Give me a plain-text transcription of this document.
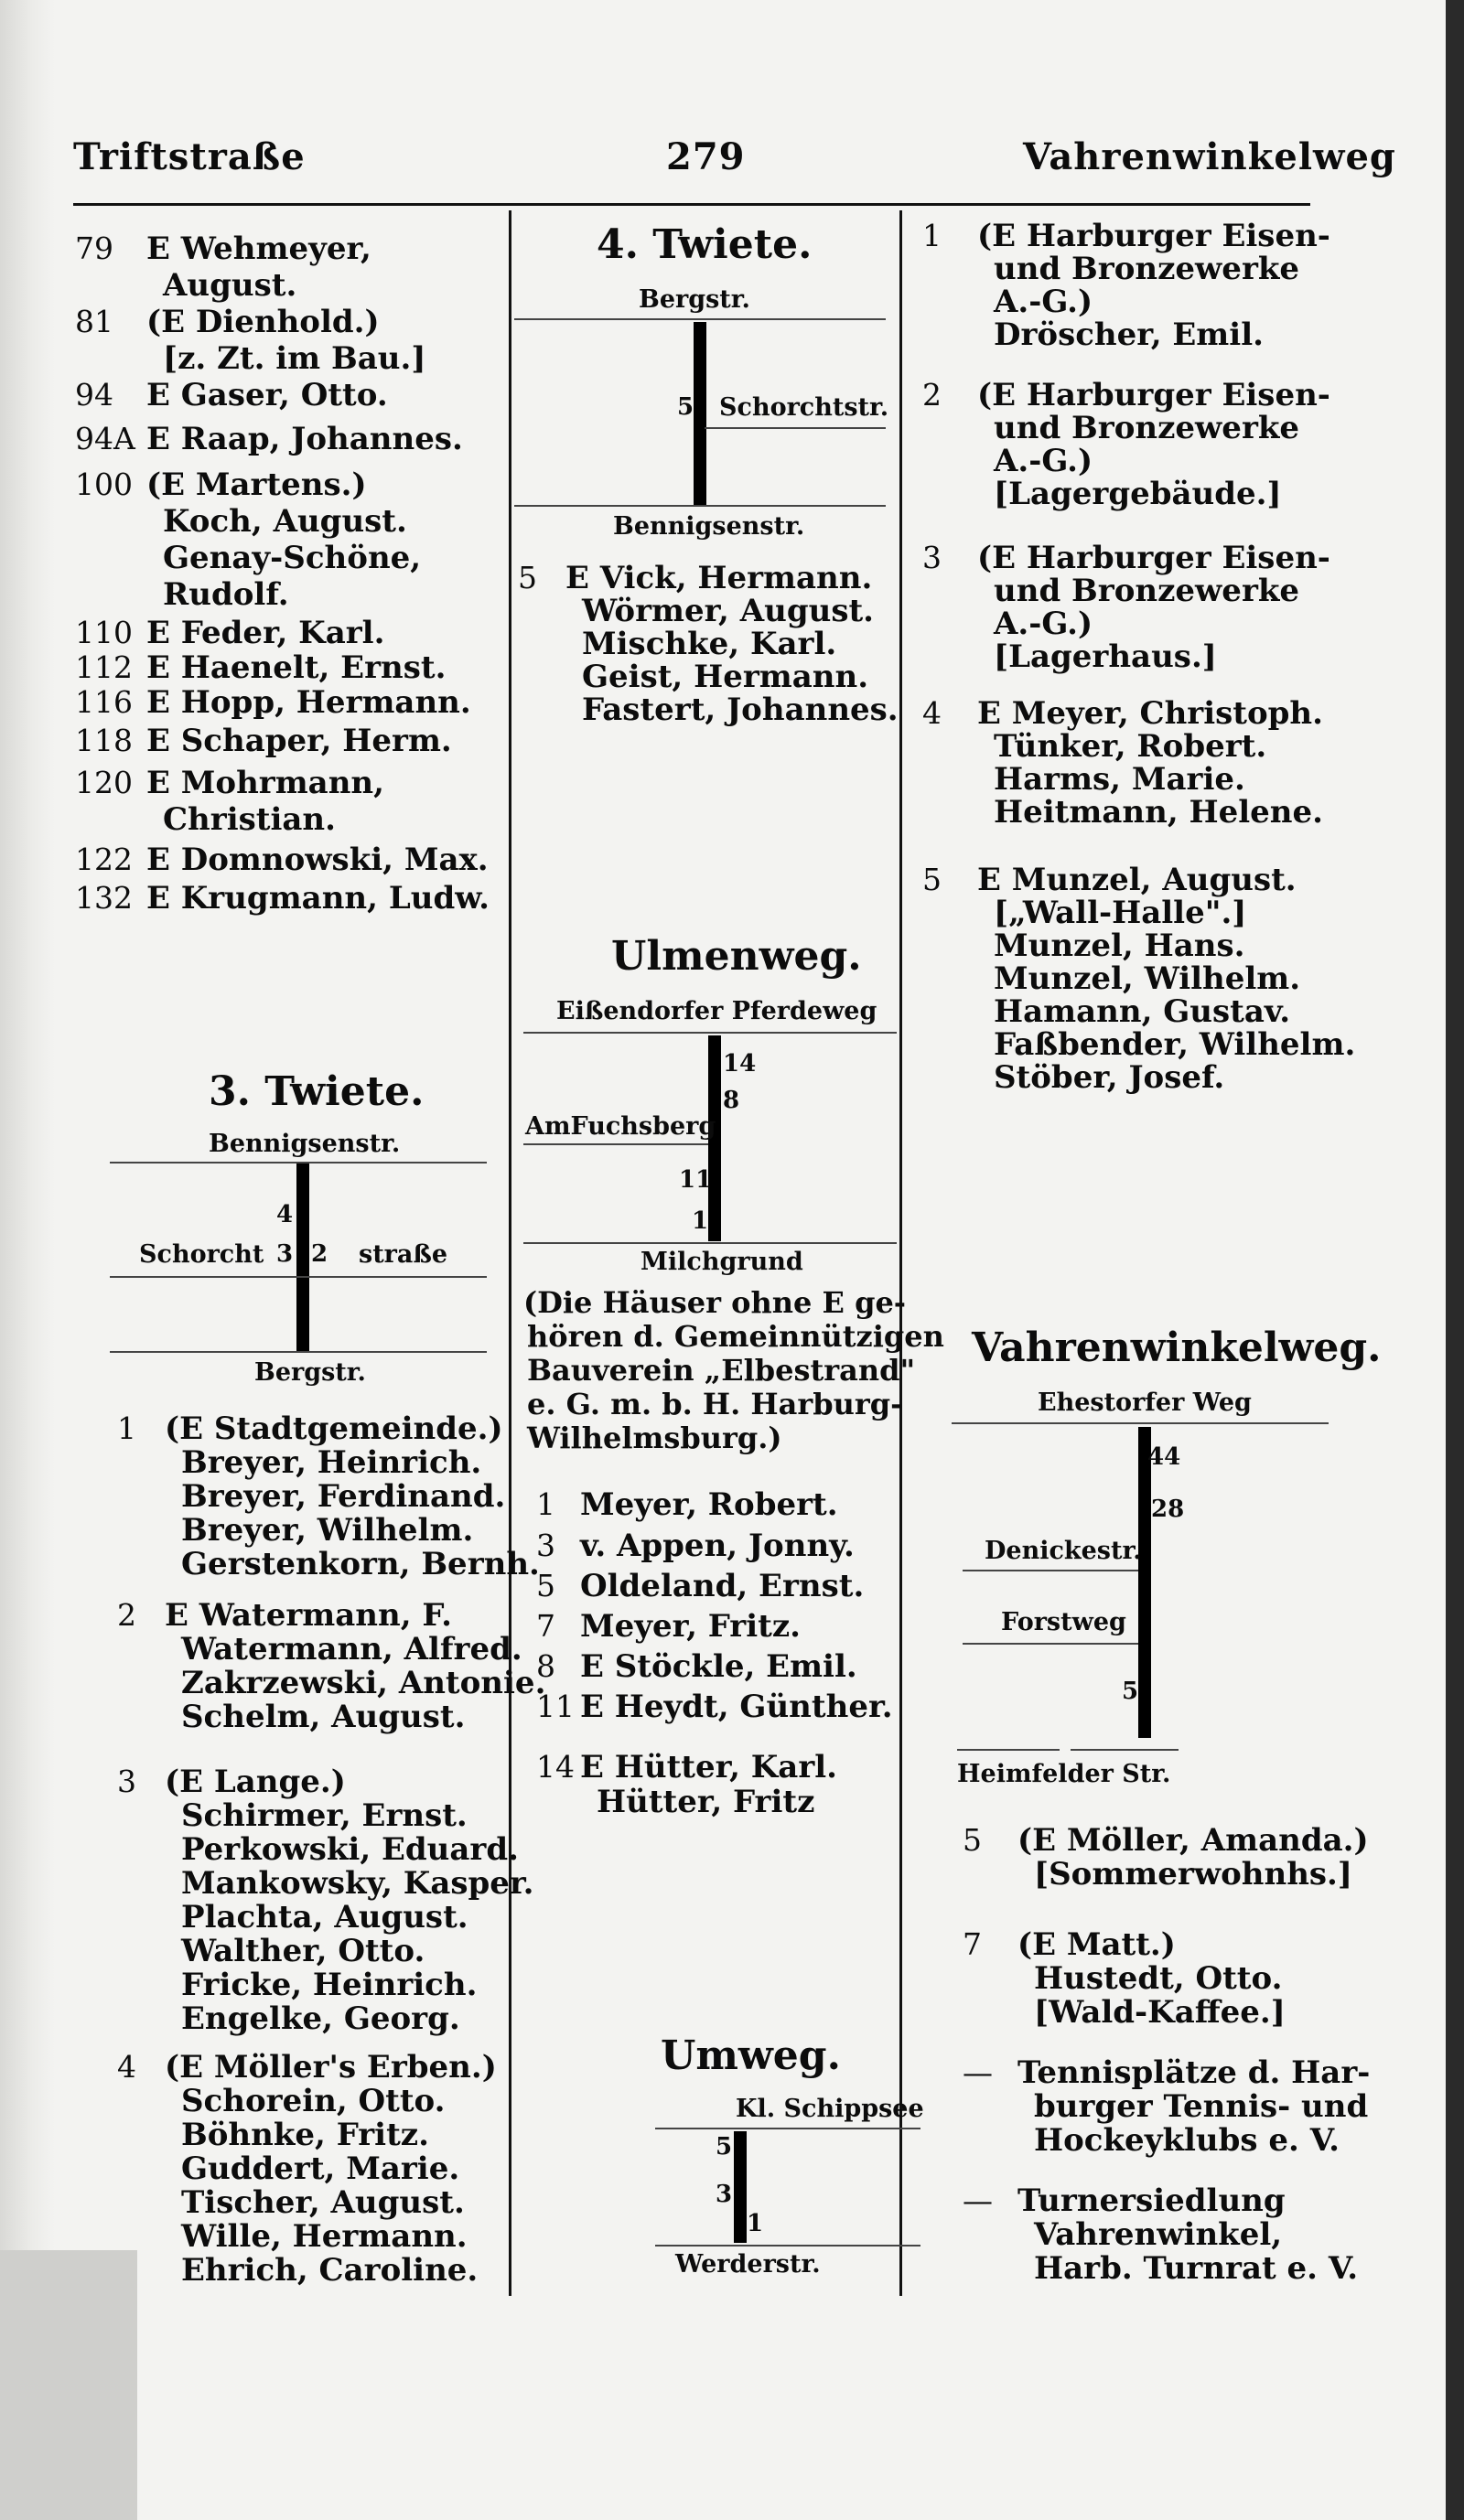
Triftstraße	279	Vahrenwinkelweg
79 E Wehmeyer,
August.
81 (E Dienhold.)
[z. Zt. im Bau.]
94 E Gaser, Otto.
94A E Raap, Johannes.
100 (E Martens.)
Koch, August.
Genay-Schöne,
Rudolf.
110 E Feder, Karl.
112 E Haenelt, Ernst.
116 E Hopp, Hermann.
118 E Schaper, Herm.
120 E Mohrmann,
Christian.
122 E Domnowski, Max.
132 E Krugmann, Ludw.
3. Twiete.
Bennigsenstr.
4
Schorcht 3 2 straße
Bergstr.
1 (E Stadtgemeinde.)
Breyer, Heinrich.
Breyer, Ferdinand.
Breyer, Wilhelm.
Gerstenkorn, Bernh.
2 E Watermann, F.
Watermann, Alfred.
Zakrzewski, Antonie.
Schelm, August.
3 (E Lange.)
Schirmer, Ernst.
Perkowski, Eduard.
Mankowsky, Kasper.
Plachta, August.
Walther, Otto.
Fricke, Heinrich.
Engelke, Georg.
4 (E Möller's Erben.)
Schorein, Otto.
Böhnke, Fritz.
Guddert, Marie.
Tischer, August.
Wille, Hermann.
Ehrich, Caroline.
4. Twiete.
Bergstr.
5 Schorchtstr.
Bennigsenstr.
5 E Vick, Hermann.
Wörmer, August.
Mischke, Karl.
Geist, Hermann.
Fastert, Johannes.
Ulmenweg.
Eißendorfer Pferdeweg
14
8
AmFuchsberg
11
1
Milchgrund
(Die Häuser ohne E ge-
hören d. Gemeinnützigen
Bauverein „Elbestrand"
e. G. m. b. H. Harburg-
Wilhelmsburg.)
1 Meyer, Robert.
3 v. Appen, Jonny.
5 Oldeland, Ernst.
7 Meyer, Fritz.
8 E Stöckle, Emil.
11 E Heydt, Günther.
14 E Hütter, Karl.
Hütter, Fritz
Umweg.
Kl. Schippsee
5
3
1
Werderstr.
1 (E Harburger Eisen-
und Bronzewerke
A.-G.)
Dröscher, Emil.
2 (E Harburger Eisen-
und Bronzewerke
A.-G.)
[Lagergebäude.]
3 (E Harburger Eisen-
und Bronzewerke
A.-G.)
[Lagerhaus.]
4 E Meyer, Christoph.
Tünker, Robert.
Harms, Marie.
Heitmann, Helene.
5 E Munzel, August.
[„Wall-Halle".]
Munzel, Hans.
Munzel, Wilhelm.
Hamann, Gustav.
Faßbender, Wilhelm.
Stöber, Josef.
Vahrenwinkelweg.
Ehestorfer Weg
44
28
Denickestr.
Forstweg
5
Heimfelder Str.
5 (E Möller, Amanda.)
[Sommerwohnhs.]
7 (E Matt.)
Hustedt, Otto.
[Wald-Kaffee.]
— Tennisplätze d. Har-
burger Tennis- und
Hockeyklubs e. V.
— Turnersiedlung
Vahrenwinkel,
Harb. Turnrat e. V.
